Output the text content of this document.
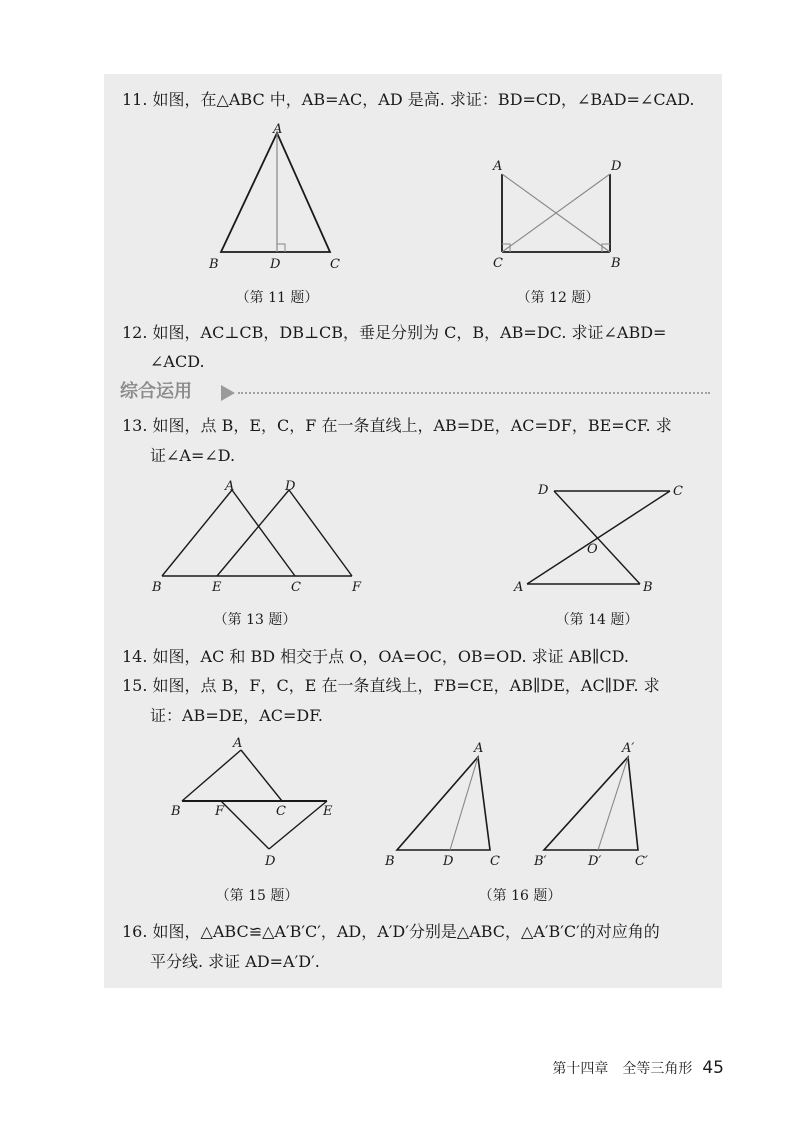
11. 如图，在△ABC 中，AB=AC，AD 是高. 求证：BD=CD，∠BAD=∠CAD.
A
B	D	C
（第 11 题）
A	D
C	B
（第 12 题）
12. 如图，AC⊥CB，DB⊥CB，垂足分别为 C，B，AB=DC. 求证∠ABD=
∠ACD.
综合运用
13. 如图，点 B，E，C，F 在一条直线上，AB=DE，AC=DF，BE=CF. 求
证∠A=∠D.
A	D
B	E	C	F
（第 13 题）
D	C
O
A	B
（第 14 题）
14. 如图，AC 和 BD 相交于点 O，OA=OC，OB=OD. 求证 AB∥CD.
15. 如图，点 B，F，C，E 在一条直线上，FB=CE，AB∥DE，AC∥DF. 求
证：AB=DE，AC=DF.
A
B	F	C	E
D
（第 15 题）
A
B	D	C
A′
B′	D′	C′
（第 16 题）
16. 如图，△ABC≌△A′B′C′，AD，A′D′分别是△ABC，△A′B′C′的对应角的
平分线. 求证 AD=A′D′.
第十四章　全等三角形 45
